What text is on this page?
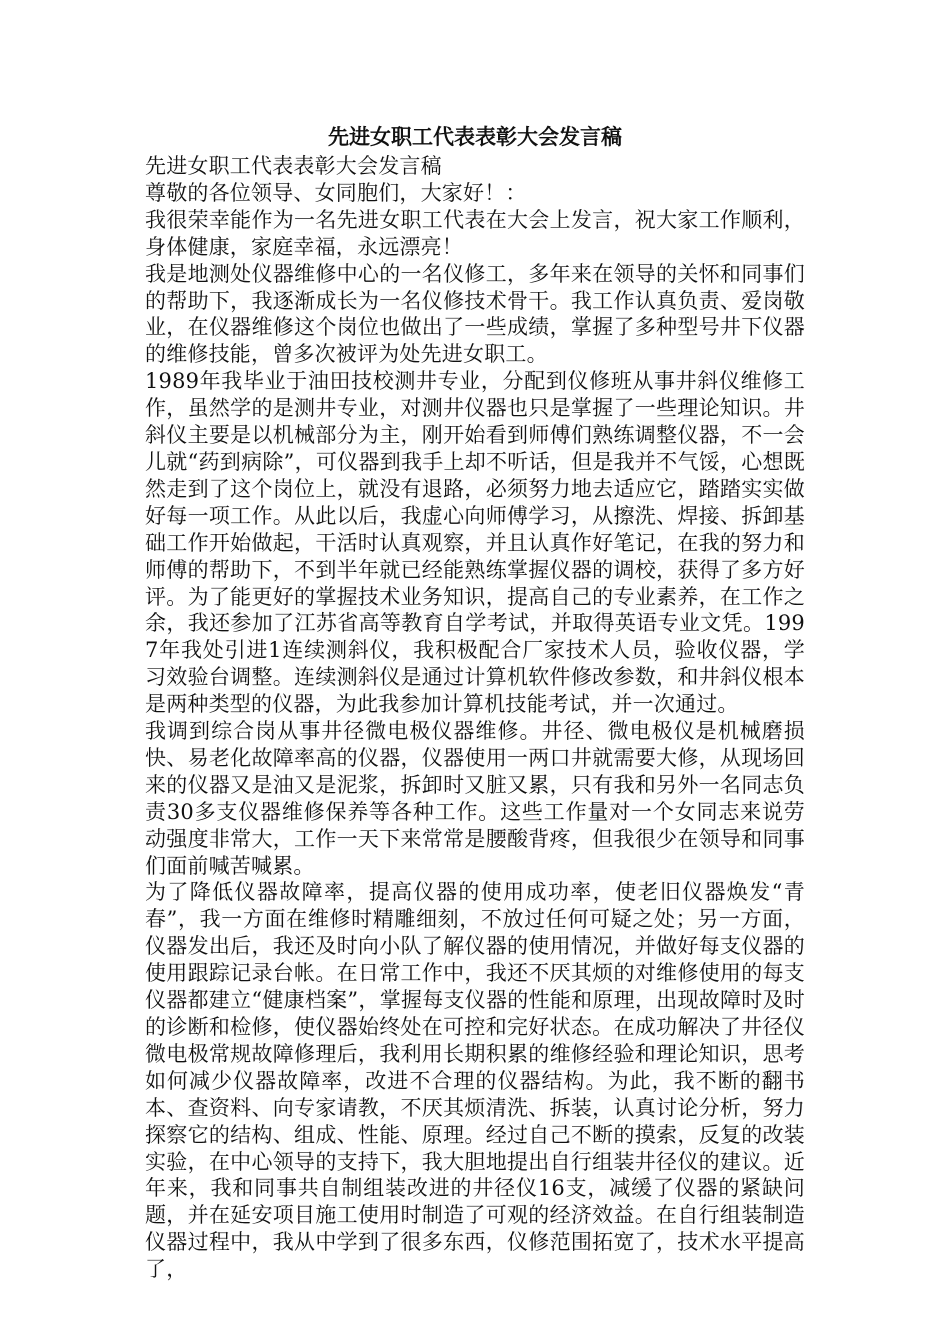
先进女职工代表表彰大会发言稿

先进女职工代表表彰大会发言稿

尊敬的各位领导、女同胞们，大家好！：

我很荣幸能作为一名先进女职工代表在大会上发言，祝大家工作顺利，身体健康，家庭幸福，永远漂亮！

我是地测处仪器维修中心的一名仪修工，多年来在领导的关怀和同事们的帮助下，我逐渐成长为一名仪修技术骨干。我工作认真负责、爱岗敬业，在仪器维修这个岗位也做出了一些成绩，掌握了多种型号井下仪器的维修技能，曾多次被评为处先进女职工。

1989年我毕业于油田技校测井专业，分配到仪修班从事井斜仪维修工作，虽然学的是测井专业，对测井仪器也只是掌握了一些理论知识。井斜仪主要是以机械部分为主，刚开始看到师傅们熟练调整仪器，不一会儿就“药到病除”，可仪器到我手上却不听话，但是我并不气馁，心想既然走到了这个岗位上，就没有退路，必须努力地去适应它，踏踏实实做好每一项工作。从此以后，我虚心向师傅学习，从擦洗、焊接、拆卸基础工作开始做起，干活时认真观察，并且认真作好笔记，在我的努力和师傅的帮助下，不到半年就已经能熟练掌握仪器的调校，获得了多方好评。为了能更好的掌握技术业务知识，提高自己的专业素养，在工作之余，我还参加了江苏省高等教育自学考试，并取得英语专业文凭。1997年我处引进1连续测斜仪，我积极配合厂家技术人员，验收仪器，学习效验台调整。连续测斜仪是通过计算机软件修改参数，和井斜仪根本是两种类型的仪器，为此我参加计算机技能考试，并一次通过。

我调到综合岗从事井径微电极仪器维修。井径、微电极仪是机械磨损快、易老化故障率高的仪器，仪器使用一两口井就需要大修，从现场回来的仪器又是油又是泥浆，拆卸时又脏又累，只有我和另外一名同志负责30多支仪器维修保养等各种工作。这些工作量对一个女同志来说劳动强度非常大，工作一天下来常常是腰酸背疼，但我很少在领导和同事们面前喊苦喊累。

为了降低仪器故障率，提高仪器的使用成功率，使老旧仪器焕发“青春”，我一方面在维修时精雕细刻，不放过任何可疑之处；另一方面，仪器发出后，我还及时向小队了解仪器的使用情况，并做好每支仪器的使用跟踪记录台帐。在日常工作中，我还不厌其烦的对维修使用的每支仪器都建立“健康档案”，掌握每支仪器的性能和原理，出现故障时及时的诊断和检修，使仪器始终处在可控和完好状态。在成功解决了井径仪微电极常规故障修理后，我利用长期积累的维修经验和理论知识，思考如何减少仪器故障率，改进不合理的仪器结构。为此，我不断的翻书本、查资料、向专家请教，不厌其烦清洗、拆装，认真讨论分析，努力探察它的结构、组成、性能、原理。经过自己不断的摸索，反复的改装实验，在中心领导的支持下，我大胆地提出自行组装井径仪的建议。近年来，我和同事共自制组装改进的井径仪16支，减缓了仪器的紧缺问题，并在延安项目施工使用时制造了可观的经济效益。在自行组装制造仪器过程中，我从中学到了很多东西，仪修范围拓宽了，技术水平提高了，
